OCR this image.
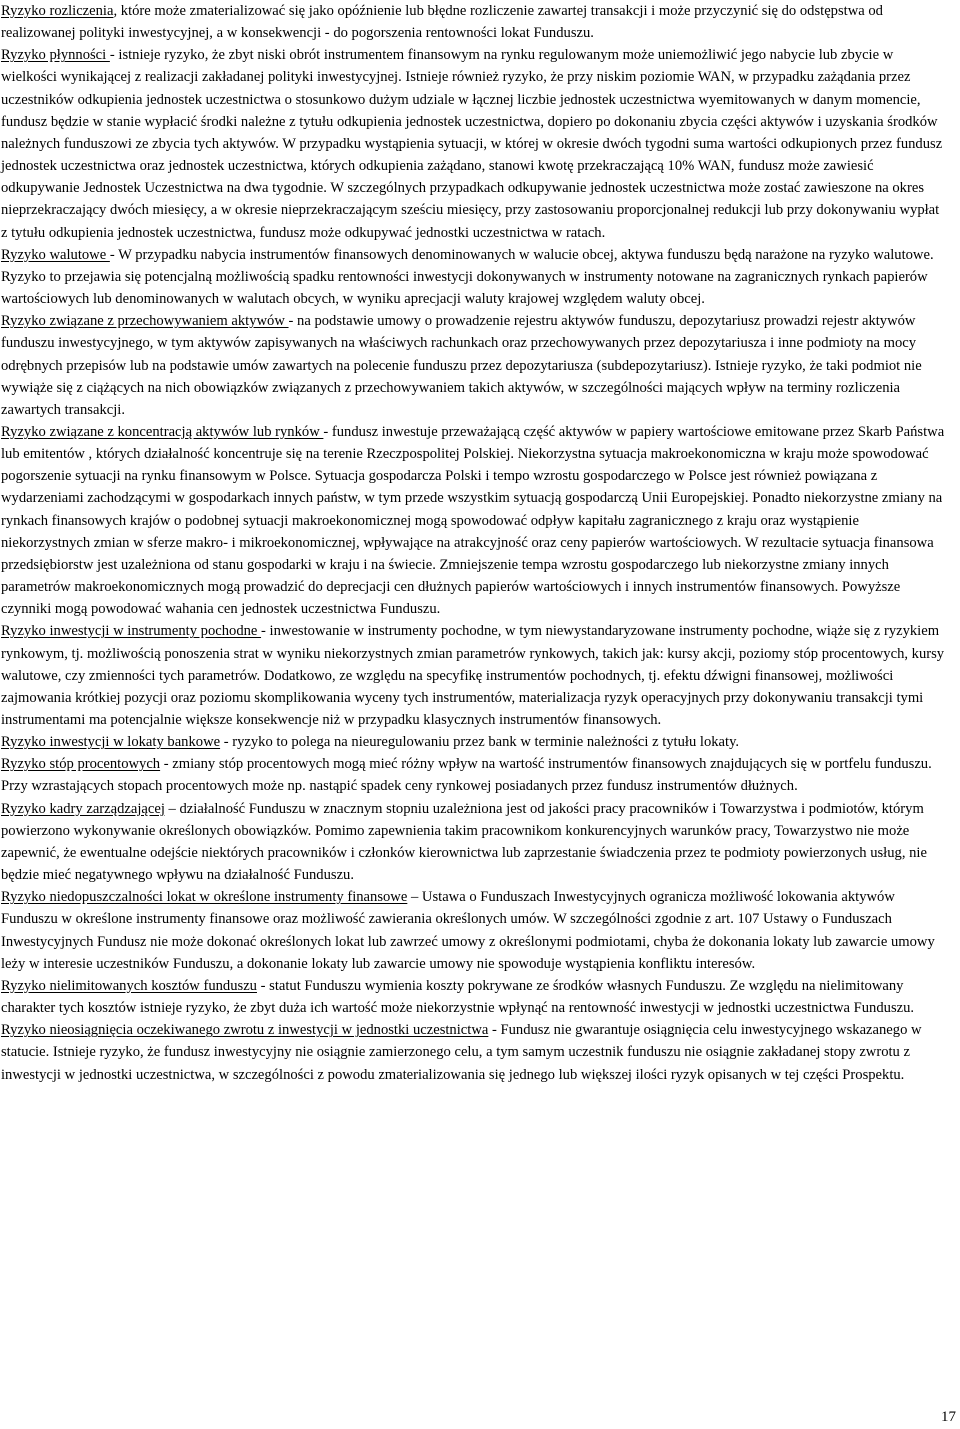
Ryzyko rozliczenia, które może zmaterializować się jako opóźnienie lub błędne rozliczenie zawartej transakcji i może przyczynić się do odstępstwa od realizowanej polityki inwestycyjnej, a w konsekwencji - do pogorszenia rentowności lokat Funduszu.

Ryzyko płynności - istnieje ryzyko, że zbyt niski obrót instrumentem finansowym na rynku regulowanym może uniemożliwić jego nabycie lub zbycie w wielkości wynikającej z realizacji zakładanej polityki inwestycyjnej. Istnieje również ryzyko, że przy niskim poziomie WAN, w przypadku zażądania przez uczestników odkupienia jednostek uczestnictwa o stosunkowo dużym udziale w łącznej liczbie jednostek uczestnictwa wyemitowanych w danym momencie, fundusz będzie w stanie wypłacić środki należne z tytułu odkupienia jednostek uczestnictwa, dopiero po dokonaniu zbycia części aktywów i uzyskania środków należnych funduszowi ze zbycia tych aktywów. W przypadku wystąpienia sytuacji, w której w okresie dwóch tygodni suma wartości odkupionych przez fundusz jednostek uczestnictwa oraz jednostek uczestnictwa, których odkupienia zażądano, stanowi kwotę przekraczającą 10% WAN, fundusz może zawiesić odkupywanie Jednostek Uczestnictwa na dwa tygodnie. W szczególnych przypadkach odkupywanie jednostek uczestnictwa może zostać zawieszone na okres nieprzekraczający dwóch miesięcy, a w okresie nieprzekraczającym sześciu miesięcy, przy zastosowaniu proporcjonalnej redukcji lub przy dokonywaniu wypłat z tytułu odkupienia jednostek uczestnictwa, fundusz może odkupywać jednostki uczestnictwa w ratach.

Ryzyko walutowe - W przypadku nabycia instrumentów finansowych denominowanych w walucie obcej, aktywa funduszu będą narażone na ryzyko walutowe. Ryzyko to przejawia się potencjalną możliwością spadku rentowności inwestycji dokonywanych w instrumenty notowane na zagranicznych rynkach papierów wartościowych lub denominowanych w walutach obcych, w wyniku aprecjacji waluty krajowej względem waluty obcej.

Ryzyko związane z przechowywaniem aktywów - na podstawie umowy o prowadzenie rejestru aktywów funduszu, depozytariusz prowadzi rejestr aktywów funduszu inwestycyjnego, w tym aktywów zapisywanych na właściwych rachunkach oraz przechowywanych przez depozytariusza i inne podmioty na mocy odrębnych przepisów lub na podstawie umów zawartych na polecenie funduszu przez depozytariusza (subdepozytariusz). Istnieje ryzyko, że taki podmiot nie wywiąże się z ciążących na nich obowiązków związanych z przechowywaniem takich aktywów, w szczególności mających wpływ na terminy rozliczenia zawartych transakcji.

Ryzyko związane z koncentracją aktywów lub rynków - fundusz inwestuje przeważającą część aktywów w papiery wartościowe emitowane przez Skarb Państwa lub emitentów , których działalność koncentruje się na terenie Rzeczpospolitej Polskiej. Niekorzystna sytuacja makroekonomiczna w kraju może spowodować pogorszenie sytuacji na rynku finansowym w Polsce. Sytuacja gospodarcza Polski i tempo wzrostu gospodarczego w Polsce jest również powiązana z wydarzeniami zachodzącymi w gospodarkach innych państw, w tym przede wszystkim sytuacją gospodarczą Unii Europejskiej. Ponadto niekorzystne zmiany na rynkach finansowych krajów o podobnej sytuacji makroekonomicznej mogą spowodować odpływ kapitału zagranicznego z kraju oraz wystąpienie niekorzystnych zmian w sferze makro- i mikroekonomicznej, wpływające na atrakcyjność oraz ceny papierów wartościowych. W rezultacie sytuacja finansowa przedsiębiorstw jest uzależniona od stanu gospodarki w kraju i na świecie. Zmniejszenie tempa wzrostu gospodarczego lub niekorzystne zmiany innych parametrów makroekonomicznych mogą prowadzić do deprecjacji cen dłużnych papierów wartościowych i innych instrumentów finansowych. Powyższe czynniki mogą powodować wahania cen jednostek uczestnictwa Funduszu.

Ryzyko inwestycji w instrumenty pochodne - inwestowanie w instrumenty pochodne, w tym niewystandaryzowane instrumenty pochodne, wiąże się z ryzykiem rynkowym, tj. możliwością ponoszenia strat w wyniku niekorzystnych zmian parametrów rynkowych, takich jak: kursy akcji, poziomy stóp procentowych, kursy walutowe, czy zmienności tych parametrów. Dodatkowo, ze względu na specyfikę instrumentów pochodnych, tj. efektu dźwigni finansowej, możliwości zajmowania krótkiej pozycji oraz poziomu skomplikowania wyceny tych instrumentów, materializacja ryzyk operacyjnych przy dokonywaniu transakcji tymi instrumentami ma potencjalnie większe konsekwencje niż w przypadku klasycznych instrumentów finansowych.

Ryzyko inwestycji w lokaty bankowe - ryzyko to polega na nieuregulowaniu przez bank w terminie należności z tytułu lokaty.

Ryzyko stóp procentowych - zmiany stóp procentowych mogą mieć różny wpływ na wartość instrumentów finansowych znajdujących się w portfelu funduszu. Przy wzrastających stopach procentowych może np. nastąpić spadek ceny rynkowej posiadanych przez fundusz instrumentów dłużnych.

Ryzyko kadry zarządzającej – działalność Funduszu w znacznym stopniu uzależniona jest od jakości pracy pracowników i Towarzystwa i podmiotów, którym powierzono wykonywanie określonych obowiązków. Pomimo zapewnienia takim pracownikom konkurencyjnych warunków pracy, Towarzystwo nie może zapewnić, że ewentualne odejście niektórych pracowników i członków kierownictwa lub zaprzestanie świadczenia przez te podmioty powierzonych usług, nie będzie mieć negatywnego wpływu na działalność Funduszu.

Ryzyko niedopuszczalności lokat w określone instrumenty finansowe – Ustawa o Funduszach Inwestycyjnych ogranicza możliwość lokowania aktywów Funduszu w określone instrumenty finansowe oraz możliwość zawierania określonych umów. W szczególności zgodnie z art. 107 Ustawy o Funduszach Inwestycyjnych Fundusz nie może dokonać określonych lokat lub zawrzeć umowy z określonymi podmiotami, chyba że dokonania lokaty lub zawarcie umowy leży w interesie uczestników Funduszu, a dokonanie lokaty lub zawarcie umowy nie spowoduje wystąpienia konfliktu interesów.

Ryzyko nielimitowanych kosztów funduszu - statut Funduszu wymienia koszty pokrywane ze środków własnych Funduszu. Ze względu na nielimitowany charakter tych kosztów istnieje ryzyko, że zbyt duża ich wartość może niekorzystnie wpłynąć na rentowność inwestycji w jednostki uczestnictwa Funduszu.

Ryzyko nieosiągnięcia oczekiwanego zwrotu z inwestycji w jednostki uczestnictwa - Fundusz nie gwarantuje osiągnięcia celu inwestycyjnego wskazanego w statucie. Istnieje ryzyko, że fundusz inwestycyjny nie osiągnie zamierzonego celu, a tym samym uczestnik funduszu nie osiągnie zakładanej stopy zwrotu z inwestycji w jednostki uczestnictwa, w szczególności z powodu zmaterializowania się jednego lub większej ilości ryzyk opisanych w tej części Prospektu.

17
